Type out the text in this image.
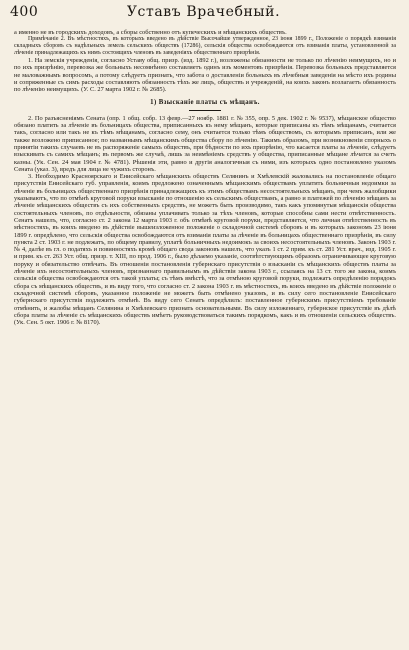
400	Уставъ Врачебный.

а именно не въ городскихъ доходовъ, а сборы собственно отъ купеческихъ и мѣщанскихъ обществъ.

Примѣчаніе 2. Въ мѣстностяхъ, въ которыхъ введено въ дѣйствіе Высочайше утвержденное, 23 іюня 1899 г., Положеніе о порядкѣ взиманія складныхъ сборовъ съ надѣльныхъ земель сельскихъ обществъ (17286), сельскія общества освобождаются отъ взиманія платы, установленной за лѣченіе принадлежащихъ къ нимъ состоящихъ членовъ въ заведеніяхъ общественнаго призрѣнія.

1. На земскія учрежденія, согласно Уставу общ. призр. (изд. 1892 г.), возложены обязанности не только по лѣченію неимущихъ, но и по ихъ призрѣнію, перевозка же больныхъ несомнѣнно составляетъ одинъ изъ моментовъ призрѣнія. Перевозка больныхъ представляется не маловажнымъ вопросомъ, а потому слѣдуетъ признать, что забота о доставленіи больныхъ въ лѣчебныя заведенія на мѣсто ихъ родины и сопряженные съ симъ расходы составляютъ обязанность тѣхъ же лицъ, обществъ и учрежденій, на коихъ законъ возлагаетъ обязанность по лѣченію неимущихъ. (У. С. 27 марта 1902 г. № 2685).

1) Взысканіе платы съ мѣщанъ.

2. По разъясненіямъ Сената (опр. 1 общ. собр. 13 февр.—27 ноябр. 1881 г. № 355, опр. 5 дек. 1902 г. № 9537), мѣщанское общество обязано платить за лѣченіе въ больницахъ общества, приписанныхъ къ нему мѣщанъ, которые приписаны къ тѣмъ мѣщанамъ, считается такъ, согласно или такъ не къ тѣмъ мѣщанамъ, согласно сему, онъ считается только тѣмъ обществомъ, съ которымъ приписанъ, или же также возложено приписанное; по названнымъ мѣщанскимъ общества сбору по лѣченію. Такимъ образомъ, при возникновеніи спорныхъ о принятіи такихъ случаевъ не въ распоряженіе самыхъ обществъ, при бѣдности по ихъ призрѣнію, что касается платы за лѣченіе, слѣдуетъ взыскивать съ самихъ мѣщанъ; въ первомъ же случаѣ, лишь за неимѣніемъ средствъ у общества, приписанные мѣщане лѣчатся за счетъ казны. (Ук. Сен. 24 мая 1904 г. № 4781). Рѣшенія эти, равно и другія аналогичныя съ ними, изъ которыхъ одно постановлено указомъ Сената (указ. 3), вредъ для лица не чужихъ сторонъ.

3. Необходимо Красноярскаго и Енисейскаго мѣщанскихъ обществъ Селянинъ и Хмѣлевскій жаловались на постановленіе общаго присутствія Енисейскаго губ. управленія, коимъ предложено означеннымъ мѣщанскимъ обществамъ уплатить больничныя недоимки за лѣченіе въ больницахъ общественнаго призрѣнія принадлежащихъ къ этимъ обществамъ несостоятельныхъ мѣщанъ, при чемъ жалобщики указываютъ, что по отмѣнѣ круговой поруки взысканіе по отношенію къ сельскимъ обществамъ, а равно и платежей по лѣченію мѣщанъ за лѣченіе мѣщанскихъ обществъ съ ихъ собственныхъ средствъ, не можетъ быть производимо, такъ какъ упомянутыя мѣщанскія общества состоятельныхъ членовъ, по отдѣльности, обязаны уплачивать только за тѣхъ членовъ, которые способны сами нести отвѣтственность. Сенатъ нашелъ, что, согласно ст. 2 закона 12 марта 1903 г. объ отмѣнѣ круговой поруки, представляется, что личная отвѣтственность въ мѣстностяхъ, въ коихъ введено въ дѣйствіе вышеизложенное положеніе о складочной системѣ сборовъ и въ которыхъ закономъ 23 іюня 1899 г. опредѣлено, что сельскія общества освобождаются отъ взиманія платы за лѣченіе въ больницахъ общественнаго призрѣнія, въ силу пункта 2 ст. 1903 г. не подлежатъ, по общему правилу, уплатѣ больничныхъ недоимокъ за своихъ несостоятельныхъ членовъ. Законъ 1903 г. № 4, далѣе въ гл. о податяхъ и повинностяхъ кромѣ общаго свода законовъ нашелъ, что указъ 1 ст. 2 прим. къ ст. 281 Уст. врач., изд. 1905 г. и прим. къ ст. 263 Уст. общ. призр. т. XIII, по прод. 1906 г., было дѣлаемо указаніе, соотвѣтствующимъ образомъ ограничивающее круговую поруку и обязательство отвѣчать. Въ отношеніи постановленія губернскаго присутствія о взысканіи съ мѣщанскихъ обществъ платы за лѣченіе ихъ несостоятельныхъ членовъ, признаннаго правильнымъ въ дѣйствіи закона 1903 г., ссылаясь на 13 ст. того же закона, коимъ сельскія общества освобождаются отъ такой уплаты; съ тѣмъ вмѣстѣ, что за отмѣною круговой поруки, подлежатъ опредѣленію порядокъ сбора съ мѣщанскихъ обществъ, и въ виду того, что согласно ст. 2 закона 1903 г. въ мѣстностяхъ, въ коихъ введено въ дѣйствіе положеніе о складочной системѣ сборовъ, указанное положеніе не можетъ быть отмѣнено указомъ, и въ силу сего постановленіе Енисейскаго губернскаго присутствія подлежитъ отмѣнѣ. Въ виду сего Сенатъ опредѣлилъ: поставленное губернскимъ присутствіемъ требованіе отмѣнить, и жалобы мѣщанъ Селянина и Хмѣлевскаго признать основательными. Въ силу изложеннаго, губернское присутствіе въ дѣлѣ сбора платы за лѣченіе съ мѣщанскихъ обществъ имѣетъ руководствоваться такимъ порядкомъ, какъ и въ отношеніи сельскихъ обществъ. (Ук. Сен. 5 окт. 1906 г. № 8170).
